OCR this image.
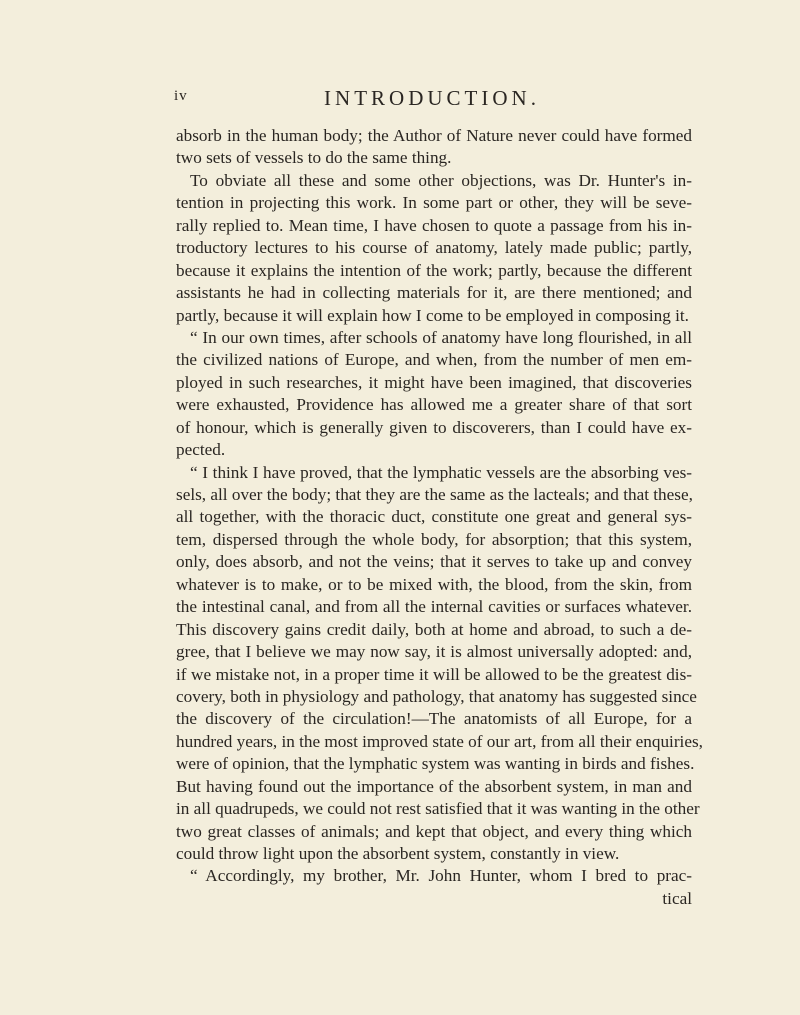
iv	INTRODUCTION.
absorb in the human body; the Author of Nature never could have formed
two sets of vessels to do the same thing.
To obviate all these and some other objections, was Dr. Hunter's in-
tention in projecting this work. In some part or other, they will be seve-
rally replied to. Mean time, I have chosen to quote a passage from his in-
troductory lectures to his course of anatomy, lately made public; partly,
because it explains the intention of the work; partly, because the different
assistants he had in collecting materials for it, are there mentioned; and
partly, because it will explain how I come to be employed in composing it.
“ In our own times, after schools of anatomy have long flourished, in all
the civilized nations of Europe, and when, from the number of men em-
ployed in such researches, it might have been imagined, that discoveries
were exhausted, Providence has allowed me a greater share of that sort
of honour, which is generally given to discoverers, than I could have ex-
pected.
“ I think I have proved, that the lymphatic vessels are the absorbing ves-
sels, all over the body; that they are the same as the lacteals; and that these,
all together, with the thoracic duct, constitute one great and general sys-
tem, dispersed through the whole body, for absorption; that this system,
only, does absorb, and not the veins; that it serves to take up and convey
whatever is to make, or to be mixed with, the blood, from the skin, from
the intestinal canal, and from all the internal cavities or surfaces whatever.
This discovery gains credit daily, both at home and abroad, to such a de-
gree, that I believe we may now say, it is almost universally adopted: and,
if we mistake not, in a proper time it will be allowed to be the greatest dis-
covery, both in physiology and pathology, that anatomy has suggested since
the discovery of the circulation!—The anatomists of all Europe, for a
hundred years, in the most improved state of our art, from all their enquiries,
were of opinion, that the lymphatic system was wanting in birds and fishes.
But having found out the importance of the absorbent system, in man and
in all quadrupeds, we could not rest satisfied that it was wanting in the other
two great classes of animals; and kept that object, and every thing which
could throw light upon the absorbent system, constantly in view.
“ Accordingly, my brother, Mr. John Hunter, whom I bred to prac-
tical
